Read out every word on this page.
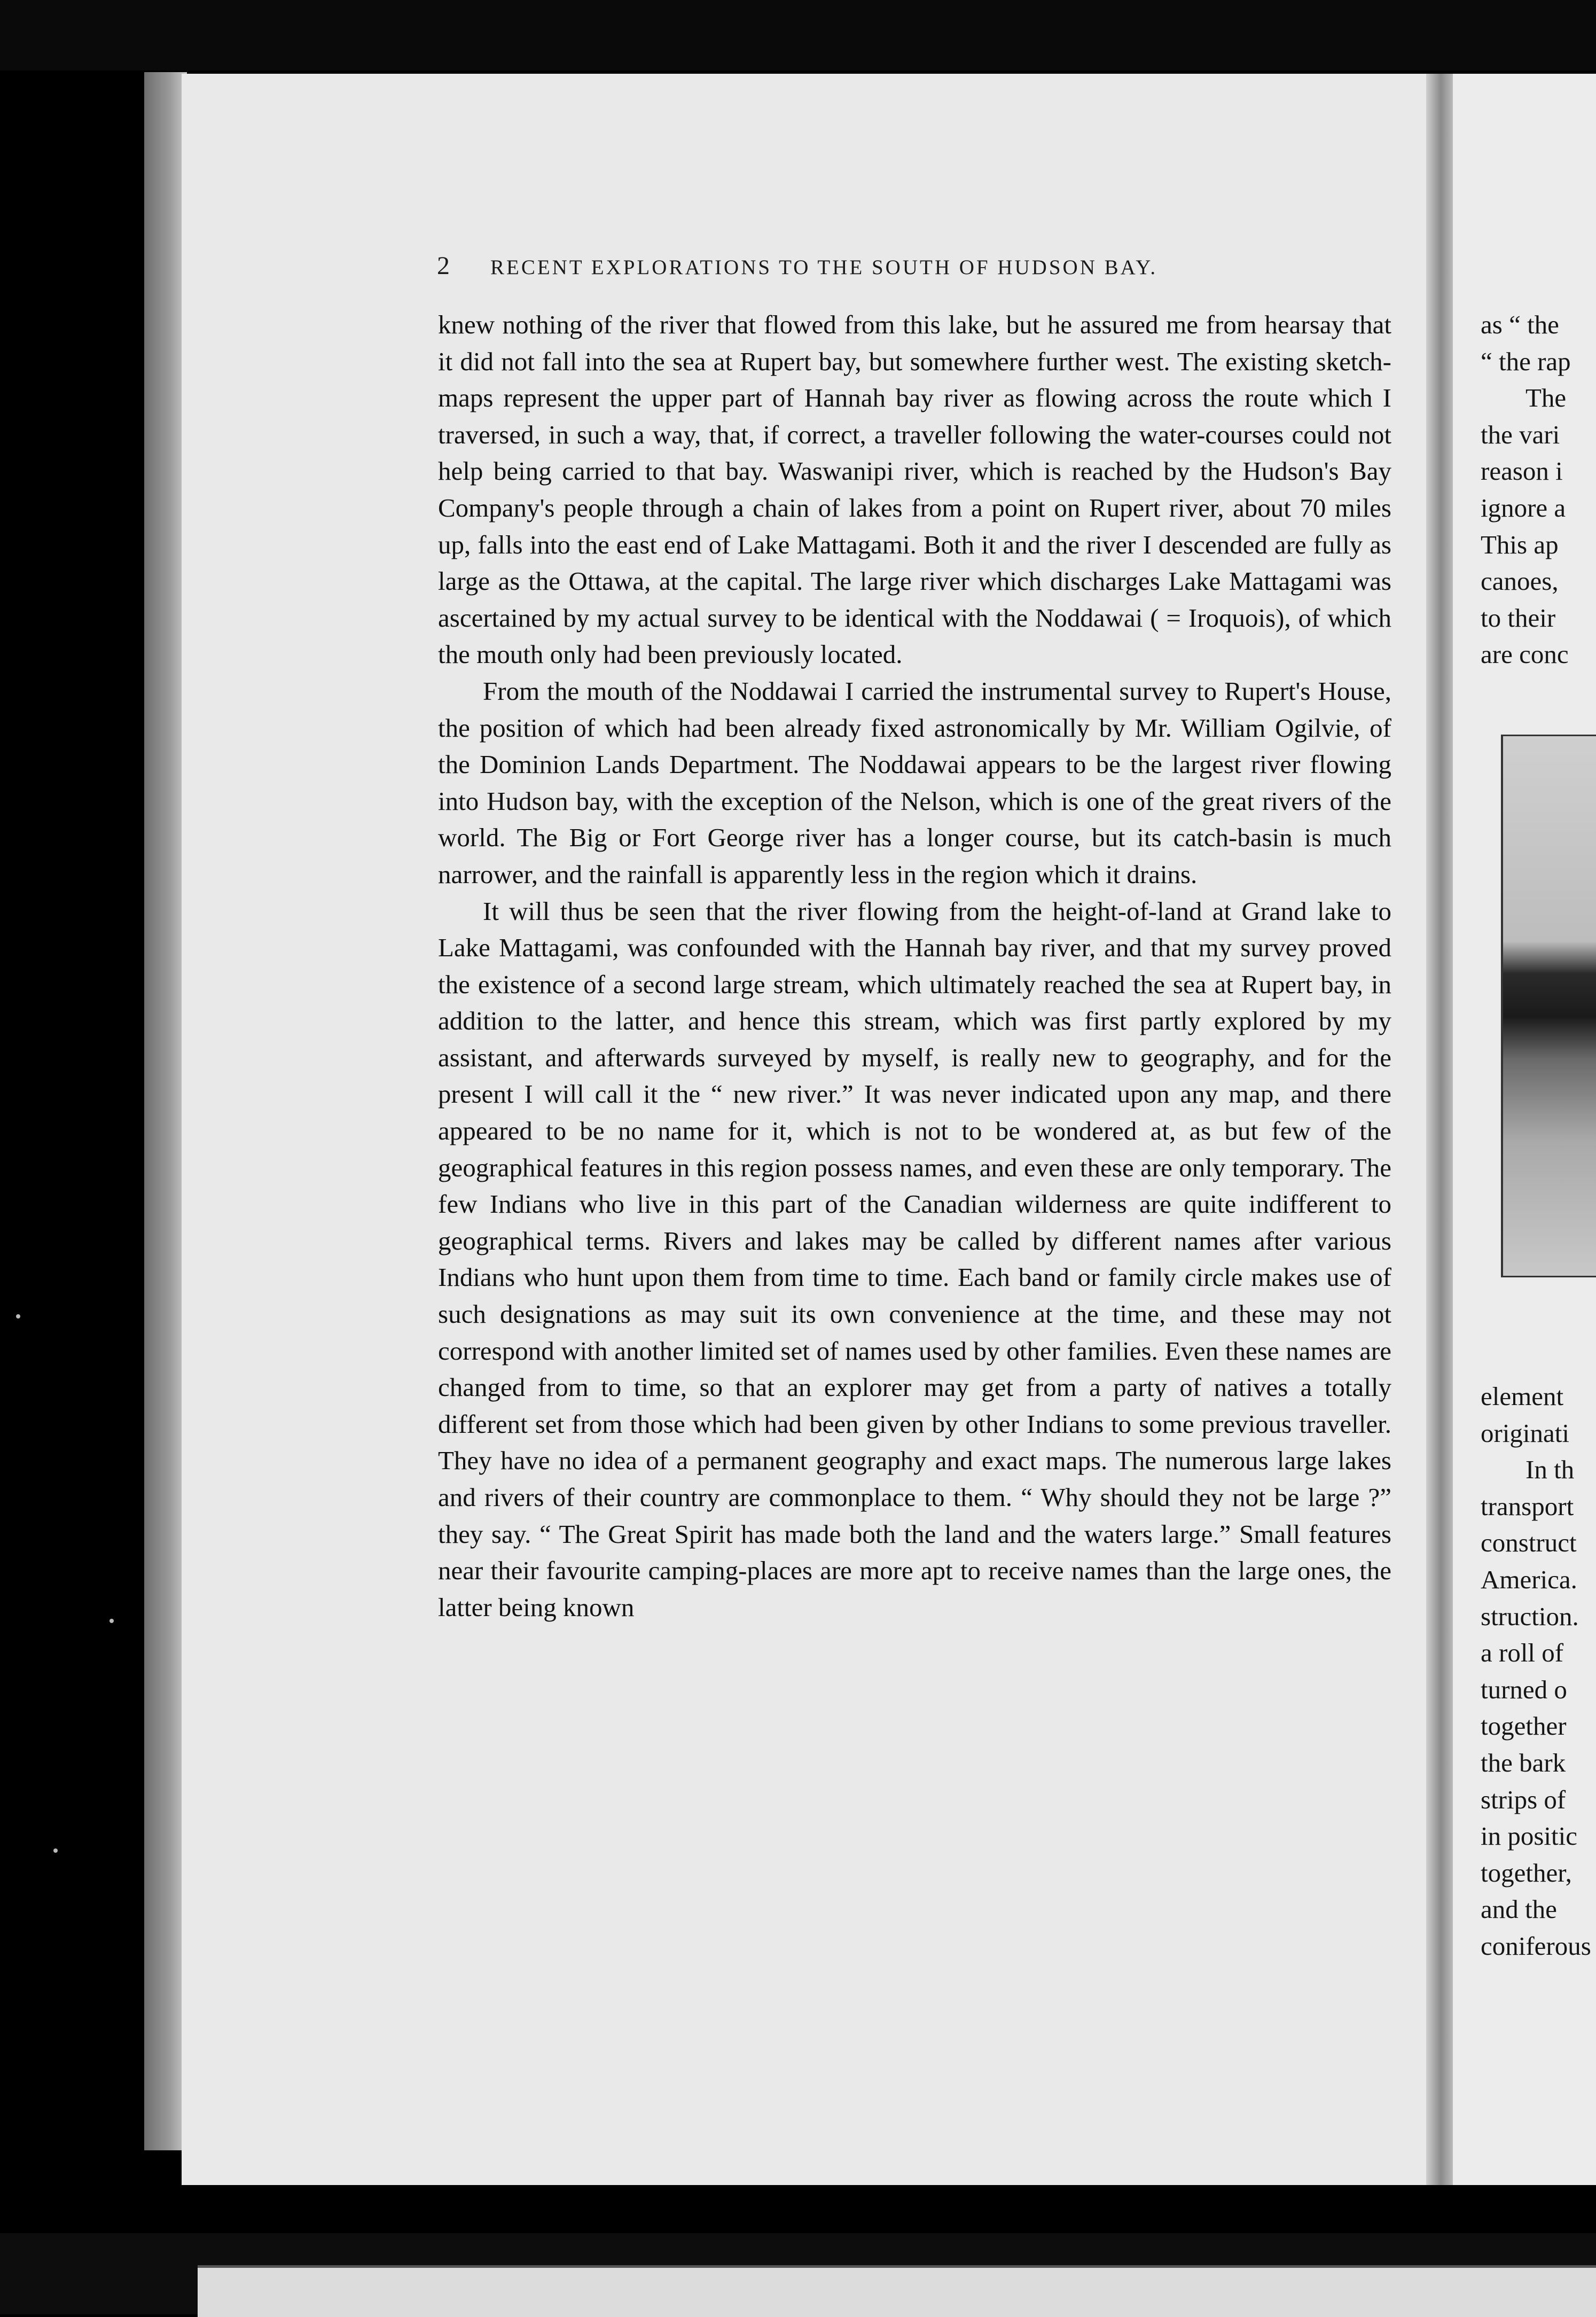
2	RECENT EXPLORATIONS TO THE SOUTH OF HUDSON BAY.

knew nothing of the river that flowed from this lake, but he assured me from hearsay that it did not fall into the sea at Rupert bay, but somewhere further west. The existing sketch-maps represent the upper part of Hannah bay river as flowing across the route which I traversed, in such a way, that, if correct, a traveller following the water-courses could not help being carried to that bay. Waswanipi river, which is reached by the Hudson's Bay Company's people through a chain of lakes from a point on Rupert river, about 70 miles up, falls into the east end of Lake Mattagami. Both it and the river I descended are fully as large as the Ottawa, at the capital. The large river which discharges Lake Mattagami was ascertained by my actual survey to be identical with the Noddawai ( = Iroquois), of which the mouth only had been previously located.

From the mouth of the Noddawai I carried the instrumental survey to Rupert's House, the position of which had been already fixed astronomically by Mr. William Ogilvie, of the Dominion Lands Department. The Noddawai appears to be the largest river flowing into Hudson bay, with the exception of the Nelson, which is one of the great rivers of the world. The Big or Fort George river has a longer course, but its catch-basin is much narrower, and the rainfall is apparently less in the region which it drains.

It will thus be seen that the river flowing from the height-of-land at Grand lake to Lake Mattagami, was confounded with the Hannah bay river, and that my survey proved the existence of a second large stream, which ultimately reached the sea at Rupert bay, in addition to the latter, and hence this stream, which was first partly explored by my assistant, and afterwards surveyed by myself, is really new to geography, and for the present I will call it the “ new river.” It was never indicated upon any map, and there appeared to be no name for it, which is not to be wondered at, as but few of the geographical features in this region possess names, and even these are only temporary. The few Indians who live in this part of the Canadian wilderness are quite indifferent to geographical terms. Rivers and lakes may be called by different names after various Indians who hunt upon them from time to time. Each band or family circle makes use of such designations as may suit its own convenience at the time, and these may not correspond with another limited set of names used by other families. Even these names are changed from to time, so that an explorer may get from a party of natives a totally different set from those which had been given by other Indians to some previous traveller. They have no idea of a permanent geography and exact maps. The numerous large lakes and rivers of their country are commonplace to them. “ Why should they not be large ?” they say. “ The Great Spirit has made both the land and the waters large.” Small features near their favourite camping-places are more apt to receive names than the large ones, the latter being known

as “ the
“ the rap
The
the vari
reason i
ignore a
This ap
canoes,
to their
are conc
element
originati
In th
transport
construct
America.
struction.
a roll of
turned o
together
the bark
strips of
in positic
together,
and the
coniferous
